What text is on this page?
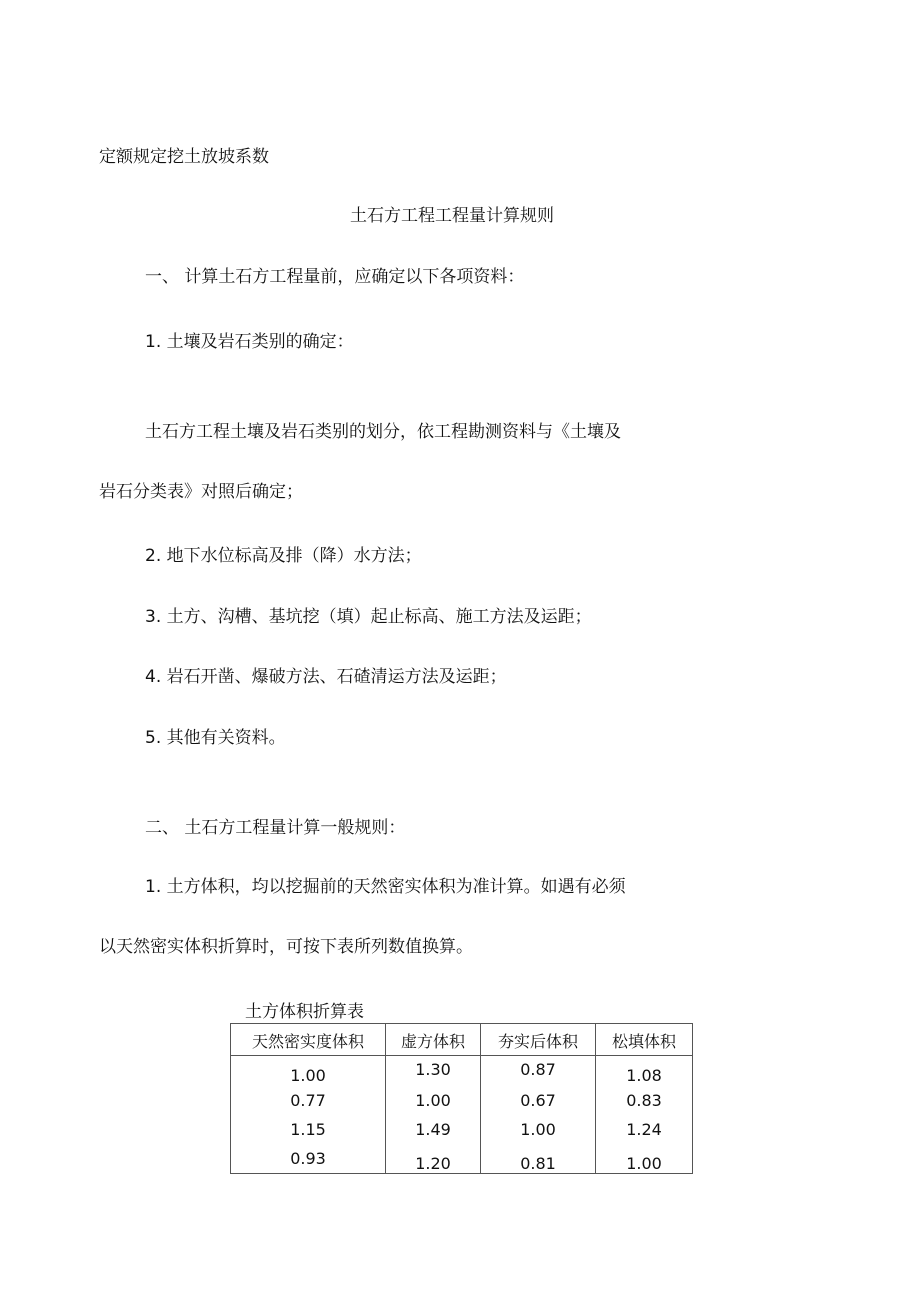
定额规定挖土放坡系数
土石方工程工程量计算规则
一、 计算土石方工程量前，应确定以下各项资料：
1. 土壤及岩石类别的确定：
土石方工程土壤及岩石类别的划分，依工程勘测资料与《土壤及
岩石分类表》对照后确定；
2. 地下水位标高及排（降）水方法；
3. 土方、沟槽、基坑挖（填）起止标高、施工方法及运距；
4. 岩石开凿、爆破方法、石碴清运方法及运距；
5. 其他有关资料。
二、 土石方工程量计算一般规则：
1. 土方体积，均以挖掘前的天然密实体积为准计算。如遇有必须
以天然密实体积折算时，可按下表所列数值换算。
土方体积折算表
天然密实度体积	虚方体积	夯实后体积	松填体积
1.00	1.30	0.87	1.08
0.77	1.00	0.67	0.83
1.15	1.49	1.00	1.24
0.93	1.20	0.81	1.00
